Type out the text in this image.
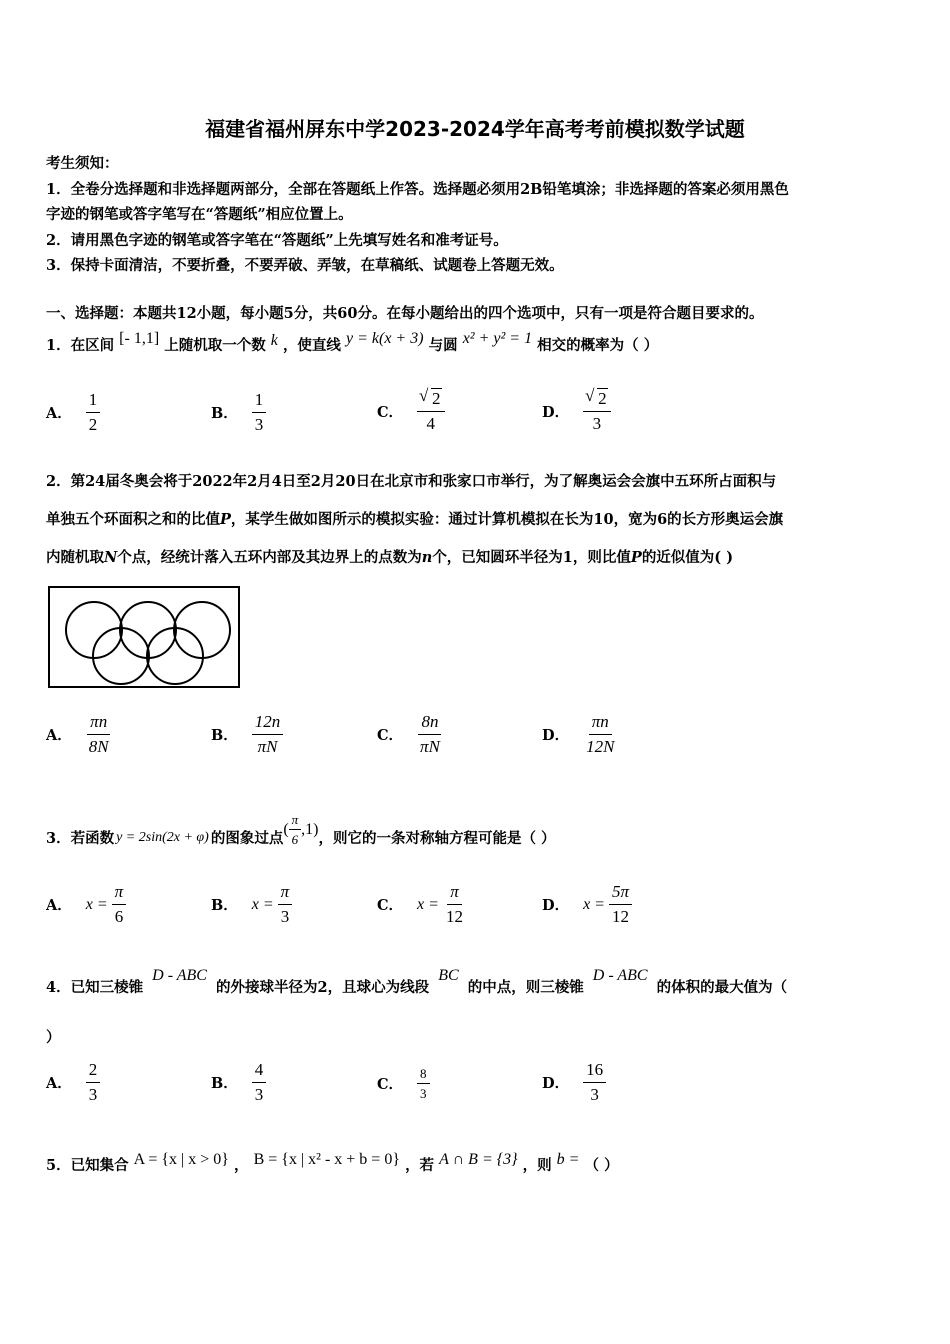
福建省福州屏东中学2023-2024学年高考考前模拟数学试题
考生须知：
1．全卷分选择题和非选择题两部分，全部在答题纸上作答。选择题必须用2B铅笔填涂；非选择题的答案必须用黑色
字迹的钢笔或答字笔写在“答题纸”相应位置上。
2．请用黑色字迹的钢笔或答字笔在“答题纸”上先填写姓名和准考证号。
3．保持卡面清洁，不要折叠，不要弄破、弄皱，在草稿纸、试题卷上答题无效。
一、选择题：本题共12小题，每小题5分，共60分。在每小题给出的四个选项中，只有一项是符合题目要求的。
1．在区间 [- 1,1] 上随机取一个数 k ，使直线 y = k(x + 3) 与圆 x² + y² = 1 相交的概率为（ ）
A． $\frac{1}{2}$	B． $\frac{1}{3}$	C． √ $\frac{2}{4}$	D． √ $\frac{2}{3}$
2．第24届冬奥会将于2022年2月4日至2月20日在北京市和张家口市举行，为了解奥运会会旗中五环所占面积与
单独五个环面积之和的比值P，某学生做如图所示的模拟实验：通过计算机模拟在长为10，宽为6的长方形奥运会旗
内随机取N个点，经统计落入五环内部及其边界上的点数为n个，已知圆环半径为1，则比值P的近似值为( )
A． $\frac{\pi n}{8N}$	B． $\frac{12n}{\pi N}$	C． $\frac{8n}{\pi N}$	D． $\frac{\pi n}{12N}$
3．若函数 y = 2sin(2x + φ) 的图象过点
( $\frac{\pi}{6} ,1$)
，则它的一条对称轴方程可能是（ ）
A． $x = \frac{\pi}{6}$	B． $x = \frac{\pi}{3}$	C． $x = \frac{\pi}{12}$	D． $x = \frac{5\pi}{12}$
4．已知三棱锥 D - ABC 的外接球半径为2，且球心为线段 BC 的中点，则三棱锥 D - ABC 的体积的最大值为（
）
A． $\frac{2}{3}$	B． $\frac{4}{3}$	C． $\frac{8}{3}$	D． $\frac{16}{3}$
5．已知集合 A = {x | x > 0} ， B = {x | x² - x + b = 0} ，若 A ∩ B = {3} ，则 b = （ ）
